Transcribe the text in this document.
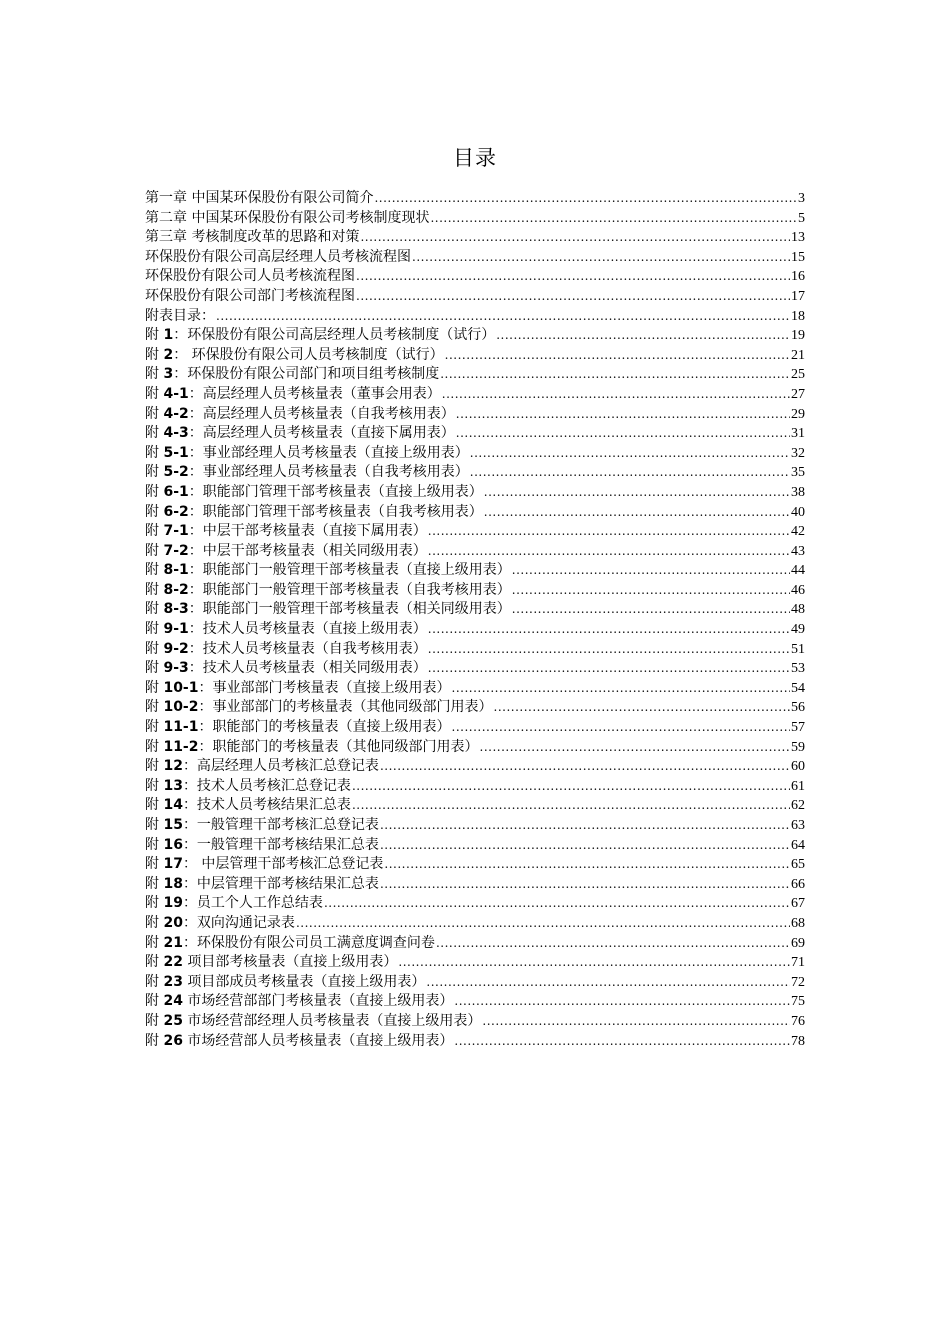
目录
第一章 中国某环保股份有限公司简介 .....	3
第二章 中国某环保股份有限公司考核制度现状 .....	5
第三章 考核制度改革的思路和对策 .....	13
环保股份有限公司高层经理人员考核流程图 .....	15
环保股份有限公司人员考核流程图 .....	16
环保股份有限公司部门考核流程图 .....	17
附表目录： .....	18
附 1：环保股份有限公司高层经理人员考核制度（试行） .....	19
附 2： 环保股份有限公司人员考核制度（试行） .....	21
附 3：环保股份有限公司部门和项目组考核制度 .....	25
附 4-1：高层经理人员考核量表（董事会用表） .....	27
附 4-2：高层经理人员考核量表（自我考核用表） .....	29
附 4-3：高层经理人员考核量表（直接下属用表） .....	31
附 5-1：事业部经理人员考核量表（直接上级用表） .....	32
附 5-2：事业部经理人员考核量表（自我考核用表） .....	35
附 6-1：职能部门管理干部考核量表（直接上级用表） .....	38
附 6-2：职能部门管理干部考核量表（自我考核用表） .....	40
附 7-1：中层干部考核量表（直接下属用表） .....	42
附 7-2：中层干部考核量表（相关同级用表） .....	43
附 8-1：职能部门一般管理干部考核量表（直接上级用表） .....	44
附 8-2：职能部门一般管理干部考核量表（自我考核用表） .....	46
附 8-3：职能部门一般管理干部考核量表（相关同级用表） .....	48
附 9-1：技术人员考核量表（直接上级用表） .....	49
附 9-2：技术人员考核量表（自我考核用表） .....	51
附 9-3：技术人员考核量表（相关同级用表） .....	53
附 10-1：事业部部门考核量表（直接上级用表） .....	54
附 10-2：事业部部门的考核量表（其他同级部门用表） .....	56
附 11-1：职能部门的考核量表（直接上级用表） .....	57
附 11-2：职能部门的考核量表（其他同级部门用表） .....	59
附 12：高层经理人员考核汇总登记表 .....	60
附 13：技术人员考核汇总登记表 .....	61
附 14：技术人员考核结果汇总表 .....	62
附 15：一般管理干部考核汇总登记表 .....	63
附 16：一般管理干部考核结果汇总表 .....	64
附 17： 中层管理干部考核汇总登记表 .....	65
附 18：中层管理干部考核结果汇总表 .....	66
附 19：员工个人工作总结表 .....	67
附 20：双向沟通记录表 .....	68
附 21：环保股份有限公司员工满意度调查问卷 .....	69
附 22 项目部考核量表（直接上级用表） .....	71
附 23 项目部成员考核量表（直接上级用表） .....	72
附 24 市场经营部部门考核量表（直接上级用表） .....	75
附 25 市场经营部经理人员考核量表（直接上级用表） .....	76
附 26 市场经营部人员考核量表（直接上级用表） .....	78
